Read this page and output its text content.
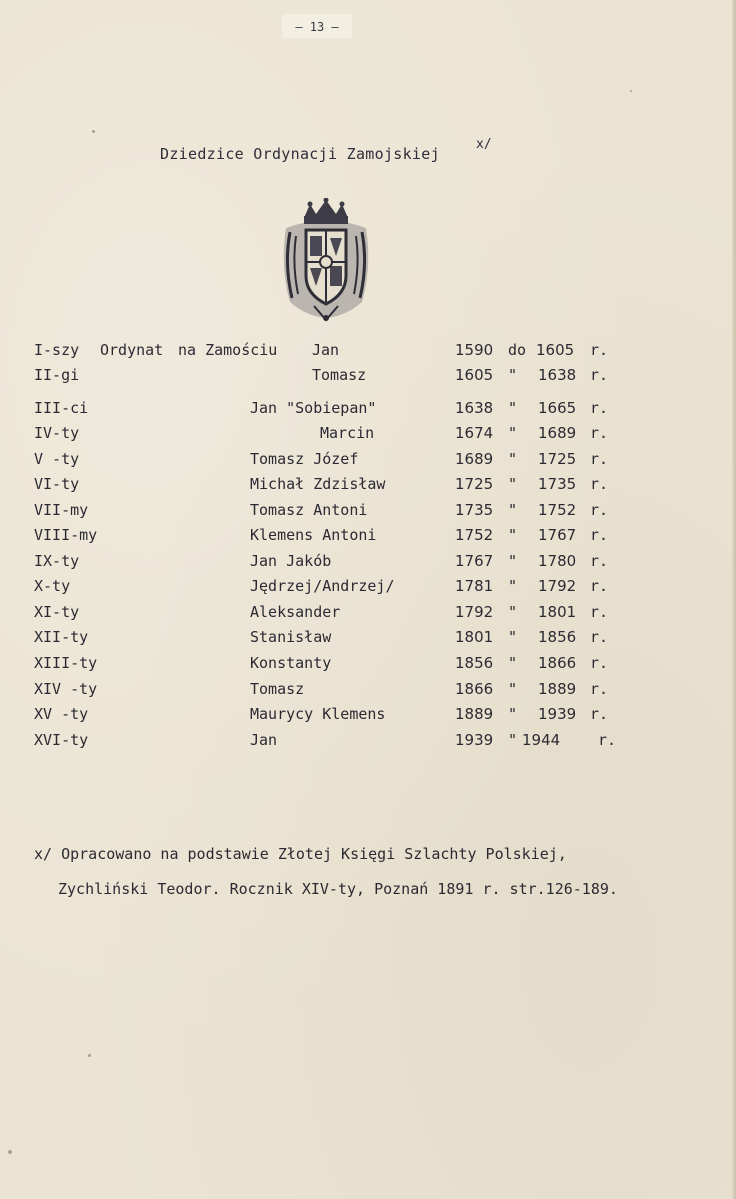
– 13 –
Dziedzice Ordynacji Zamojskiej
x/
I-szy Ordynat na Zamościu Jan	1590 do 1605 r.
II-gi	Tomasz	1605 " 1638 r.
III-ci	Jan "Sobiepan"	1638 " 1665 r.
IV-ty	Marcin	1674 " 1689 r.
V -ty	Tomasz Józef	1689 " 1725 r.
VI-ty	Michał Zdzisław	1725 " 1735 r.
VII-my	Tomasz Antoni	1735 " 1752 r.
VIII-my	Klemens Antoni	1752 " 1767 r.
IX-ty	Jan Jakób	1767 " 1780 r.
X-ty	Jędrzej/Andrzej/	1781 " 1792 r.
XI-ty	Aleksander	1792 " 1801 r.
XII-ty	Stanisław	1801 " 1856 r.
XIII-ty	Konstanty	1856 " 1866 r.
XIV -ty	Tomasz	1866 " 1889 r.
XV -ty	Maurycy Klemens	1889 " 1939 r.
XVI-ty	Jan	1939 " 1944	r.
x/ Opracowano na podstawie Złotej Księgi Szlachty Polskiej,
Zychliński Teodor. Rocznik XIV-ty, Poznań 1891 r. str.126-189.
